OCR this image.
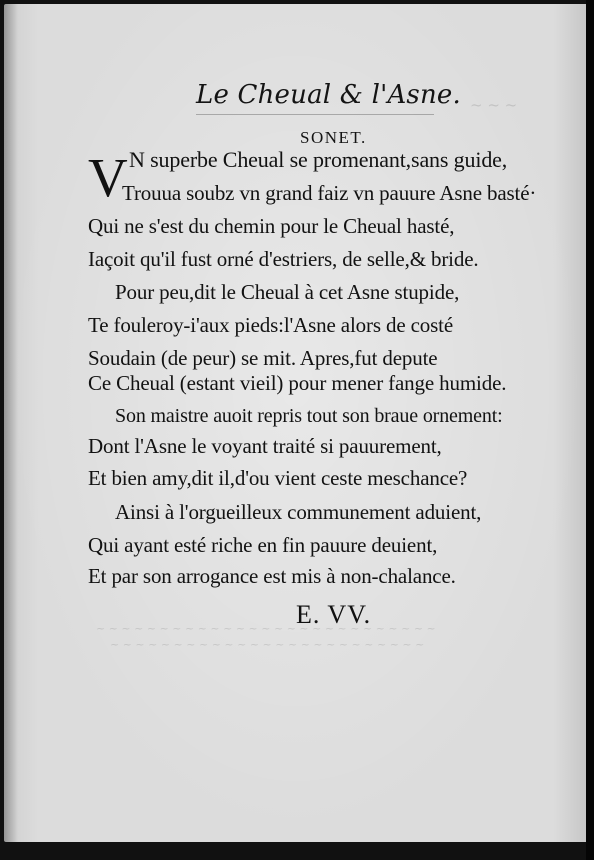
Le Cheual & l'Asne.
SONET.
V N superbe Cheual se promenant,sans guide,
Trouua soubz vn grand faiz vn pauure Asne basté·
Qui ne s'est du chemin pour le Cheual hasté,
Iaçoit qu'il fust orné d'estriers, de selle,& bride.
Pour peu,dit le Cheual à cet Asne stupide,
Te fouleroy-i'aux pieds:l'Asne alors de costé
Soudain (de peur) se mit. Apres,fut depute
Ce Cheual (estant vieil) pour mener fange humide.
Son maistre auoit repris tout son braue ornement:
Dont l'Asne le voyant traité si pauurement,
Et bien amy,dit il,d'ou vient ceste meschance?
Ainsi à l'orgueilleux communement aduient,
Qui ayant esté riche en fin pauure deuient,
Et par son arrogance est mis à non-chalance.
E. VV.
~ ~ ~
~ ~ ~ ~ ~ ~ ~ ~ ~ ~ ~ ~ ~ ~ ~ ~ ~ ~ ~ ~ ~ ~ ~ ~ ~ ~ ~
~ ~ ~ ~ ~ ~ ~ ~ ~ ~ ~ ~ ~ ~ ~ ~ ~ ~ ~ ~ ~ ~ ~ ~ ~
